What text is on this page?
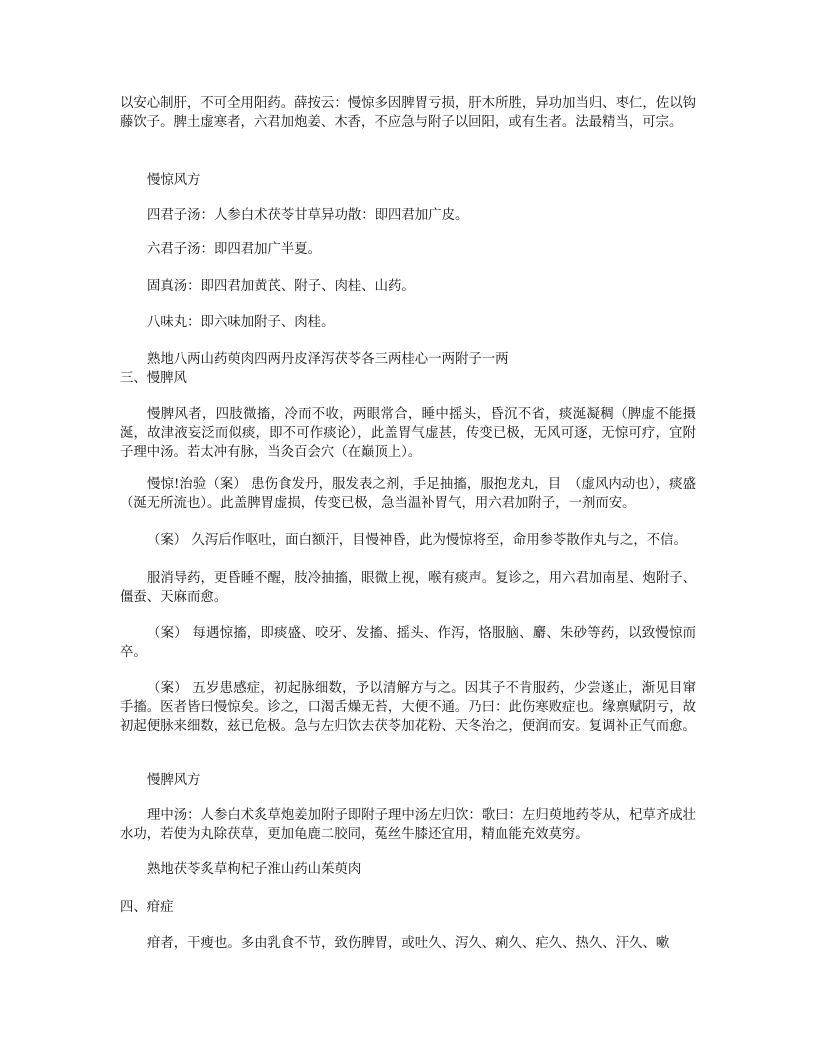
以安心制肝，不可全用阳药。薛按云：慢惊多因脾胃亏损，肝木所胜，异功加当归、枣仁，佐以钩藤饮子。脾土虚寒者，六君加炮姜、木香，不应急与附子以回阳，或有生者。法最精当，可宗。

慢惊风方

四君子汤：人参白术茯苓甘草异功散：即四君加广皮。

六君子汤：即四君加广半夏。

固真汤：即四君加黄芪、附子、肉桂、山药。

八味丸：即六味加附子、肉桂。

熟地八两山药萸肉四两丹皮泽泻茯苓各三两桂心一两附子一两

三、慢脾风

慢脾风者，四肢微搐，冷而不收，两眼常合，睡中摇头，昏沉不省，痰涎凝稠（脾虚不能摄涎，故津液妄泛而似痰，即不可作痰论），此盖胃气虚甚，传变已极，无风可逐，无惊可疗，宜附子理中汤。若太冲有脉，当灸百会穴（在巅顶上）。

慢惊!治验（案） 患伤食发丹，服发表之剂，手足抽搐，服抱龙丸，目　（虚风内动也），痰盛（涎无所流也）。此盖脾胃虚损，传变已极，急当温补胃气，用六君加附子，一剂而安。

（案） 久泻后作呕吐，面白额汗，目慢神昏，此为慢惊将至，命用参苓散作丸与之，不信。

服消导药，更昏睡不醒，肢冷抽搐，眼微上视，喉有痰声。复诊之，用六君加南星、炮附子、僵蚕、天麻而愈。

（案） 每遇惊搐，即痰盛、咬牙、发搐、摇头、作泻，恪服脑、麝、朱砂等药，以致慢惊而卒。

（案） 五岁患感症，初起脉细数，予以清解方与之。因其子不肯服药，少尝遂止，渐见目窜手搐。医者皆曰慢惊矣。诊之，口渴舌燥无苔，大便不通。乃曰：此伤寒败症也。缘禀赋阴亏，故初起便脉来细数，兹已危极。急与左归饮去茯苓加花粉、天冬治之，便润而安。复调补正气而愈。

慢脾风方

理中汤：人参白术炙草炮姜加附子即附子理中汤左归饮：歌曰：左归萸地药苓从，杞草齐成壮水功，若使为丸除茯草，更加龟鹿二胶同，菟丝牛膝还宜用，精血能充效莫穷。

熟地茯苓炙草枸杞子淮山药山茱萸肉

四、疳症

疳者，干瘦也。多由乳食不节，致伤脾胃，或吐久、泻久、痢久、疟久、热久、汗久、嗽
